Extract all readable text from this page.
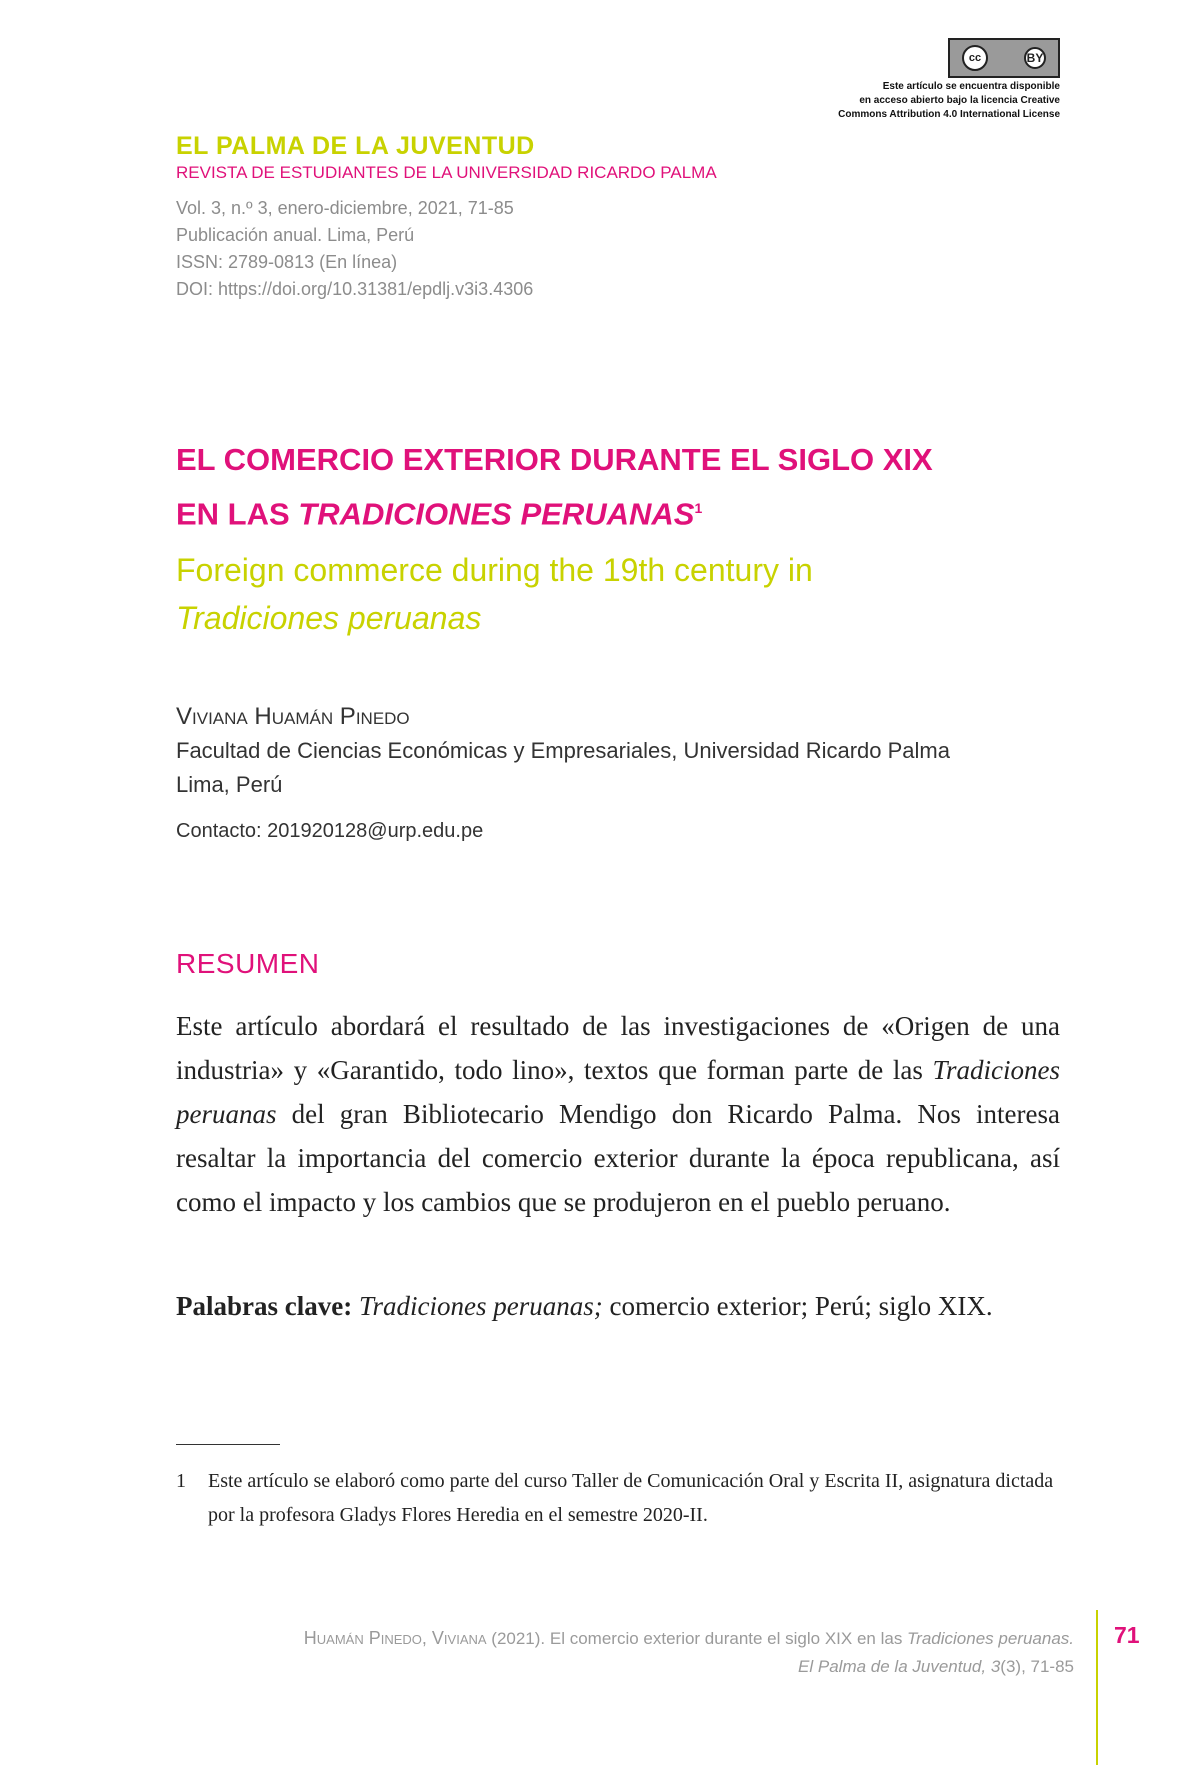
cc	BY
Este artículo se encuentra disponible
en acceso abierto bajo la licencia Creative
Commons Attribution 4.0 International License
EL PALMA DE LA JUVENTUD
REVISTA DE ESTUDIANTES DE LA UNIVERSIDAD RICARDO PALMA
Vol. 3, n.º 3, enero-diciembre, 2021, 71-85
Publicación anual. Lima, Perú
ISSN: 2789-0813 (En línea)
DOI: https://doi.org/10.31381/epdlj.v3i3.4306
EL COMERCIO EXTERIOR DURANTE EL SIGLO XIX
EN LAS TRADICIONES PERUANAS$^1$
Foreign commerce during the 19th century in
Tradiciones peruanas
Viviana Huamán Pinedo
Facultad de Ciencias Económicas y Empresariales, Universidad Ricardo Palma
Lima, Perú
Contacto: 201920128@urp.edu.pe
RESUMEN
Este artículo abordará el resultado de las investigaciones de «Origen de una industria» y «Garantido, todo lino», textos que forman parte de las Tradiciones peruanas del gran Bibliotecario Mendigo don Ricardo Palma. Nos interesa resaltar la importancia del comercio exterior durante la época republicana, así como el impacto y los cambios que se produjeron en el pueblo peruano.
Palabras clave: Tradiciones peruanas; comercio exterior; Perú; siglo XIX.
1	Este artículo se elaboró como parte del curso Taller de Comunicación Oral y Escrita II, asignatura dictada por la profesora Gladys Flores Heredia en el semestre 2020-II.
Huamán Pinedo, Viviana (2021). El comercio exterior durante el siglo XIX en las Tradiciones peruanas.
El Palma de la Juventud, 3(3), 71-85
71
